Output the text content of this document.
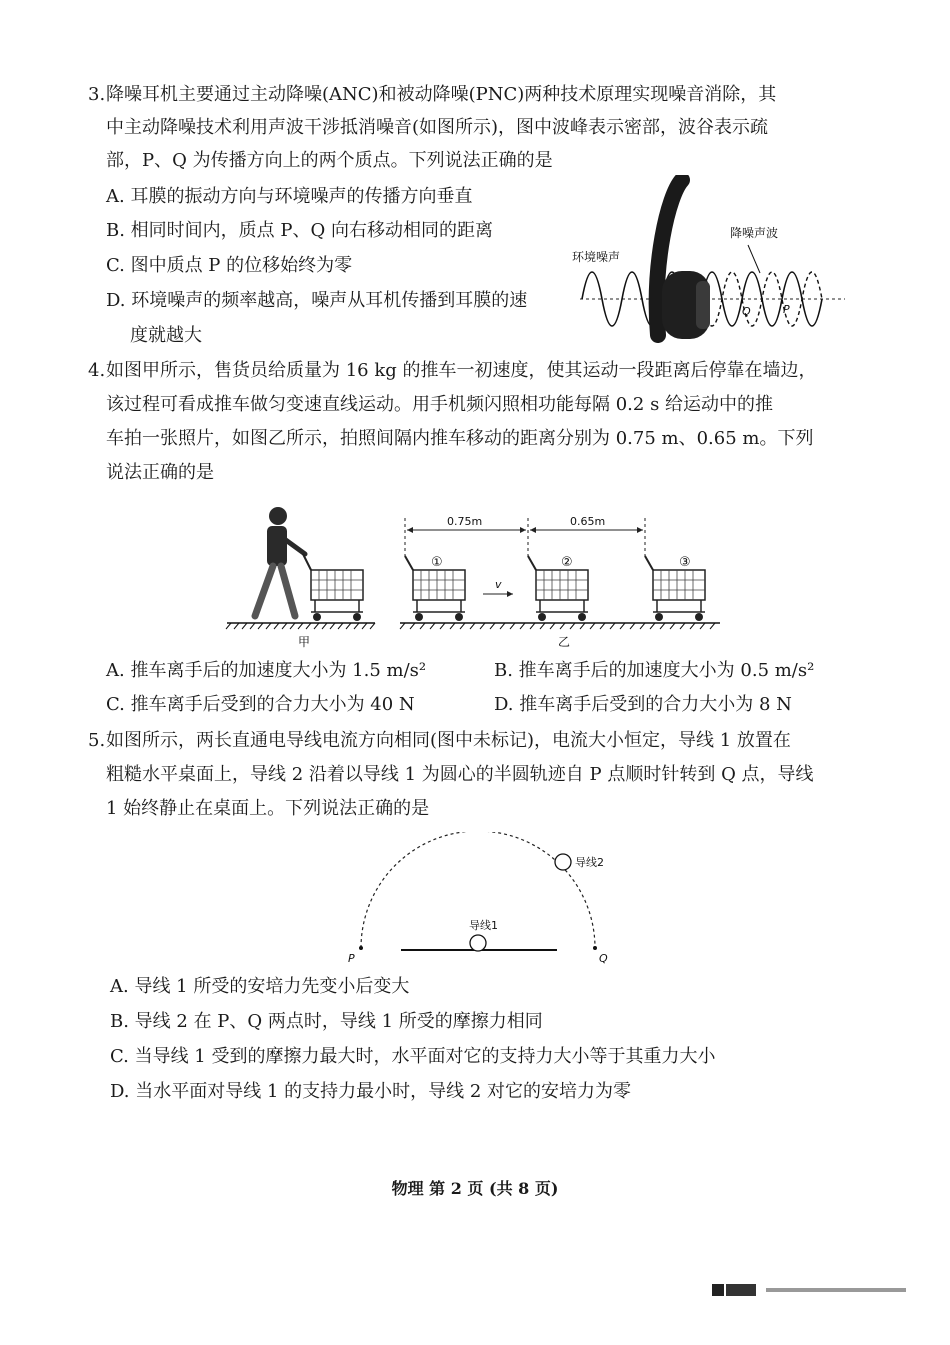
3. 降噪耳机主要通过主动降噪(ANC)和被动降噪(PNC)两种技术原理实现噪音消除，其
中主动降噪技术利用声波干涉抵消噪音(如图所示)，图中波峰表示密部，波谷表示疏
部，P、Q 为传播方向上的两个质点。下列说法正确的是
A. 耳膜的振动方向与环境噪声的传播方向垂直
B. 相同时间内，质点 P、Q 向右移动相同的距离
C. 图中质点 P 的位移始终为零
D. 环境噪声的频率越高，噪声从耳机传播到耳膜的速
度就越大
环境噪声
降噪声波
Q	P
4. 如图甲所示，售货员给质量为 16 kg 的推车一初速度，使其运动一段距离后停靠在墙边，
该过程可看成推车做匀变速直线运动。用手机频闪照相功能每隔 0.2 s 给运动中的推
车拍一张照片，如图乙所示，拍照间隔内推车移动的距离分别为 0.75 m、0.65 m。下列
说法正确的是
0.75m	0.65m
①	②	③
v
甲	乙
A. 推车离手后的加速度大小为 1.5 m/s²	B. 推车离手后的加速度大小为 0.5 m/s²
C. 推车离手后受到的合力大小为 40 N	D. 推车离手后受到的合力大小为 8 N
5. 如图所示，两长直通电导线电流方向相同(图中未标记)，电流大小恒定，导线 1 放置在
粗糙水平桌面上，导线 2 沿着以导线 1 为圆心的半圆轨迹自 P 点顺时针转到 Q 点，导线
1 始终静止在桌面上。下列说法正确的是
导线1
导线2
P	Q
A. 导线 1 所受的安培力先变小后变大
B. 导线 2 在 P、Q 两点时，导线 1 所受的摩擦力相同
C. 当导线 1 受到的摩擦力最大时，水平面对它的支持力大小等于其重力大小
D. 当水平面对导线 1 的支持力最小时，导线 2 对它的安培力为零
物理 第 2 页 (共 8 页)
